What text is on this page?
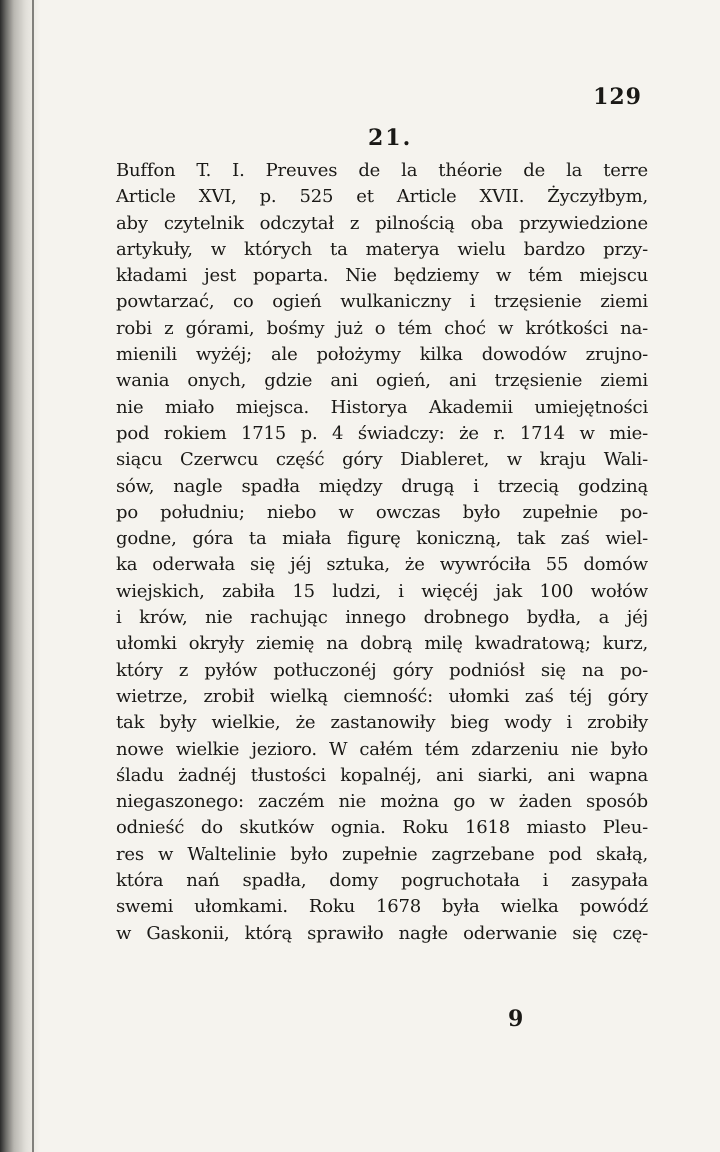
129
21.
Buffon T. I. Preuves de la théorie de la terre
Article XVI, p. 525 et Article XVII. Życzyłbym,
aby czytelnik odczytał z pilnością oba przywiedzione
artykuły, w których ta materya wielu bardzo przy-
kładami jest poparta. Nie będziemy w tém miejscu
powtarzać, co ogień wulkaniczny i trzęsienie ziemi
robi z górami, bośmy już o tém choć w krótkości na-
mienili wyżéj; ale położymy kilka dowodów zrujno-
wania onych, gdzie ani ogień, ani trzęsienie ziemi
nie miało miejsca. Historya Akademii umiejętności
pod rokiem 1715 p. 4 świadczy: że r. 1714 w mie-
siącu Czerwcu część góry Diableret, w kraju Wali-
sów, nagle spadła między drugą i trzecią godziną
po południu; niebo w owczas było zupełnie po-
godne, góra ta miała figurę koniczną, tak zaś wiel-
ka oderwała się jéj sztuka, że wywróciła 55 domów
wiejskich, zabiła 15 ludzi, i więcéj jak 100 wołów
i krów, nie rachując innego drobnego bydła, a jéj
ułomki okryły ziemię na dobrą milę kwadratową; kurz,
który z pyłów potłuczonéj góry podniósł się na po-
wietrze, zrobił wielką ciemność: ułomki zaś téj góry
tak były wielkie, że zastanowiły bieg wody i zrobiły
nowe wielkie jezioro. W całém tém zdarzeniu nie było
śladu żadnéj tłustości kopalnéj, ani siarki, ani wapna
niegaszonego: zaczém nie można go w żaden sposób
odnieść do skutków ognia. Roku 1618 miasto Pleu-
res w Waltelinie było zupełnie zagrzebane pod skałą,
która nań spadła, domy pogruchotała i zasypała
swemi ułomkami. Roku 1678 była wielka powódź
w Gaskonii, którą sprawiło nagłe oderwanie się czę-
9
